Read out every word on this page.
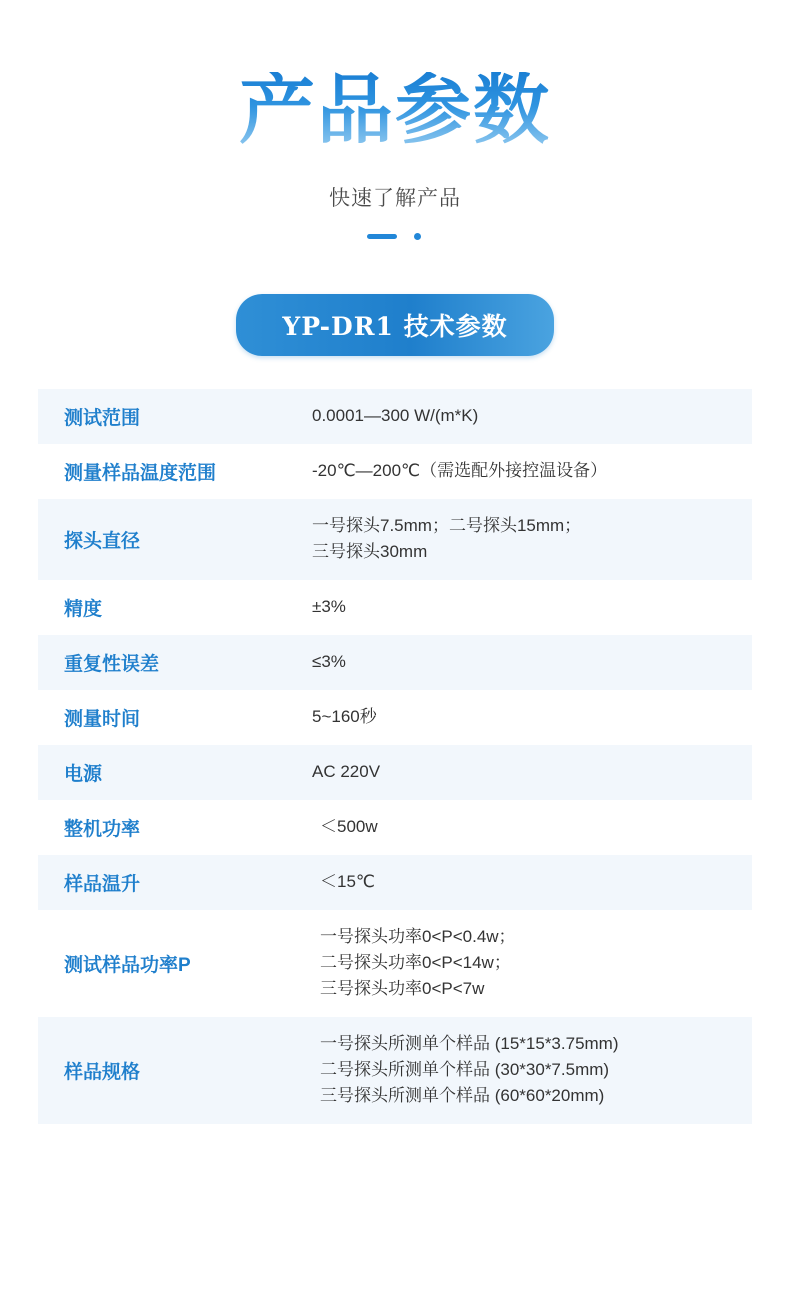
产品参数

快速了解产品

YP-DR1 技术参数
测试范围	0.0001—300 W/(m*K)

测量样品温度范围	-20℃—200℃（需选配外接控温设备）

探头直径	一号探头7.5mm；二号探头15mm；
三号探头30mm

精度	±3%

重复性误差	≤3%

测量时间	5~160秒

电源	AC 220V

整机功率	＜500w

样品温升	＜15℃

测试样品功率P	一号探头功率0<P<0.4w；
二号探头功率0<P<14w；
三号探头功率0<P<7w

样品规格	一号探头所测单个样品 (15*15*3.75mm)
二号探头所测单个样品 (30*30*7.5mm)
三号探头所测单个样品 (60*60*20mm)
